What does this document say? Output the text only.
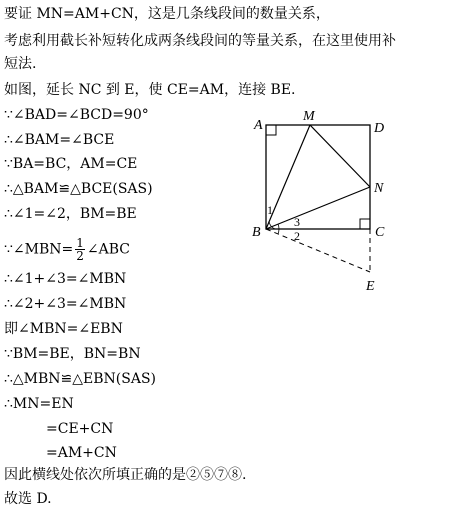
要证 MN=AM+CN，这是几条线段间的数量关系，
考虑利用截长补短转化成两条线段间的等量关系，在这里使用补
短法.
如图，延长 NC 到 E，使 CE=AM，连接 BE.
∵∠BAD=∠BCD=90°
∴∠BAM=∠BCE
∵BA=BC，AM=CE
∴△BAM≌△BCE(SAS)
∴∠1=∠2，BM=BE
∵∠MBN= $\frac{1}{2}$ ∠ABC
∴∠1+∠3=∠MBN
∴∠2+∠3=∠MBN
即∠MBN=∠EBN
∵BM=BE，BN=BN
∴△MBN≌△EBN(SAS)
∴MN=EN
=CE+CN
=AM+CN
因此横线处依次所填正确的是②⑤⑦⑧.
故选 D.
A
M
D
N
B	C
E
1
3
2
